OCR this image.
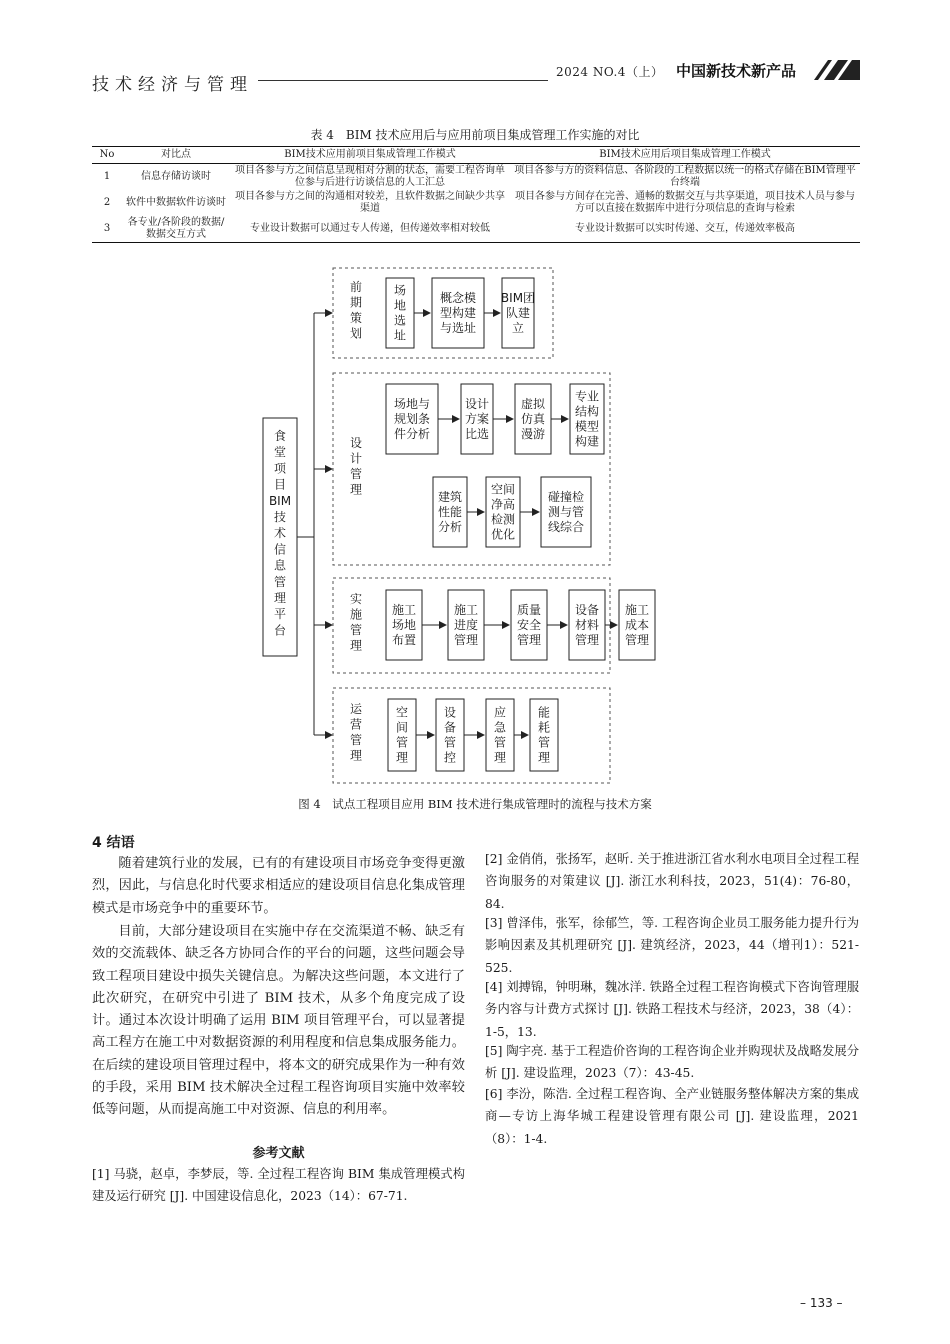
技术经济与管理
2024 NO.4（上） 中国新技术新产品
表 4　BIM 技术应用后与应用前项目集成管理工作实施的对比
No	对比点	BIM技术应用前项目集成管理工作模式	BIM技术应用后项目集成管理工作模式
1	信息存储访谈时	项目各参与方之间信息呈现相对分割的状态，需要工程咨询单位参与后进行访谈信息的人工汇总	项目各参与方的资料信息、各阶段的工程数据以统一的格式存储在BIM管理平台终端
2	软件中数据软件访谈时	项目各参与方之间的沟通相对较差，且软件数据之间缺少共享渠道	项目各参与方间存在完善、通畅的数据交互与共享渠道，项目技术人员与参与方可以直接在数据库中进行分项信息的查询与检索
3	各专业/各阶段的数据/数据交互方式	专业设计数据可以通过专人传递，但传递效率相对较低	专业设计数据可以实时传递、交互，传递效率极高
食堂项目 BIM 技术信息管理平台
前期策划
设计管理
实施管理
运营管理
场地选址
概念模型构建与选址
BIM团队建立
场地与规划条件分析
设计方案比选
虚拟仿真漫游
专业结构模型构建
建筑性能分析
空间净高检测优化
碰撞检测与管线综合
施工场地布置
施工进度管理
质量安全管理
设备材料管理
施工成本管理
空间管理
设备管控
应急管理
能耗管理
图 4　试点工程项目应用 BIM 技术进行集成管理时的流程与技术方案
4 结语

随着建筑行业的发展，已有的有建设项目市场竞争变得更激烈，因此，与信息化时代要求相适应的建设项目信息化集成管理模式是市场竞争中的重要环节。

目前，大部分建设项目在实施中存在交流渠道不畅、缺乏有效的交流载体、缺乏各方协同合作的平台的问题，这些问题会导致工程项目建设中损失关键信息。为解决这些问题，本文进行了此次研究，在研究中引进了 BIM 技术，从多个角度完成了设计。通过本次设计明确了运用 BIM 项目管理平台，可以显著提高工程方在施工中对数据资源的利用程度和信息集成服务能力。在后续的建设项目管理过程中，将本文的研究成果作为一种有效的手段，采用 BIM 技术解决全过程工程咨询项目实施中效率较低等问题，从而提高施工中对资源、信息的利用率。

参考文献

[1] 马骁，赵卓，李梦辰，等. 全过程工程咨询 BIM 集成管理模式构建及运行研究 [J]. 中国建设信息化，2023（14）：67-71.

[2] 金俏俏，张扬军，赵昕. 关于推进浙江省水利水电项目全过程工程咨询服务的对策建议 [J]. 浙江水利科技，2023，51(4)：76-80，84.

[3] 曾泽伟，张军，徐郁竺，等. 工程咨询企业员工服务能力提升行为影响因素及其机理研究 [J]. 建筑经济，2023，44（增刊1）：521-525.

[4] 刘搏锦，钟明琳，魏冰洋. 铁路全过程工程咨询模式下咨询管理服务内容与计费方式探讨 [J]. 铁路工程技术与经济，2023，38（4）：1-5，13.

[5] 陶宇亮. 基于工程造价咨询的工程咨询企业并购现状及战略发展分析 [J]. 建设监理，2023（7）：43-45.

[6] 李汾，陈浩. 全过程工程咨询、全产业链服务整体解决方案的集成商—专访上海华城工程建设管理有限公司 [J]. 建设监理，2021（8）：1-4.

– 133 –
